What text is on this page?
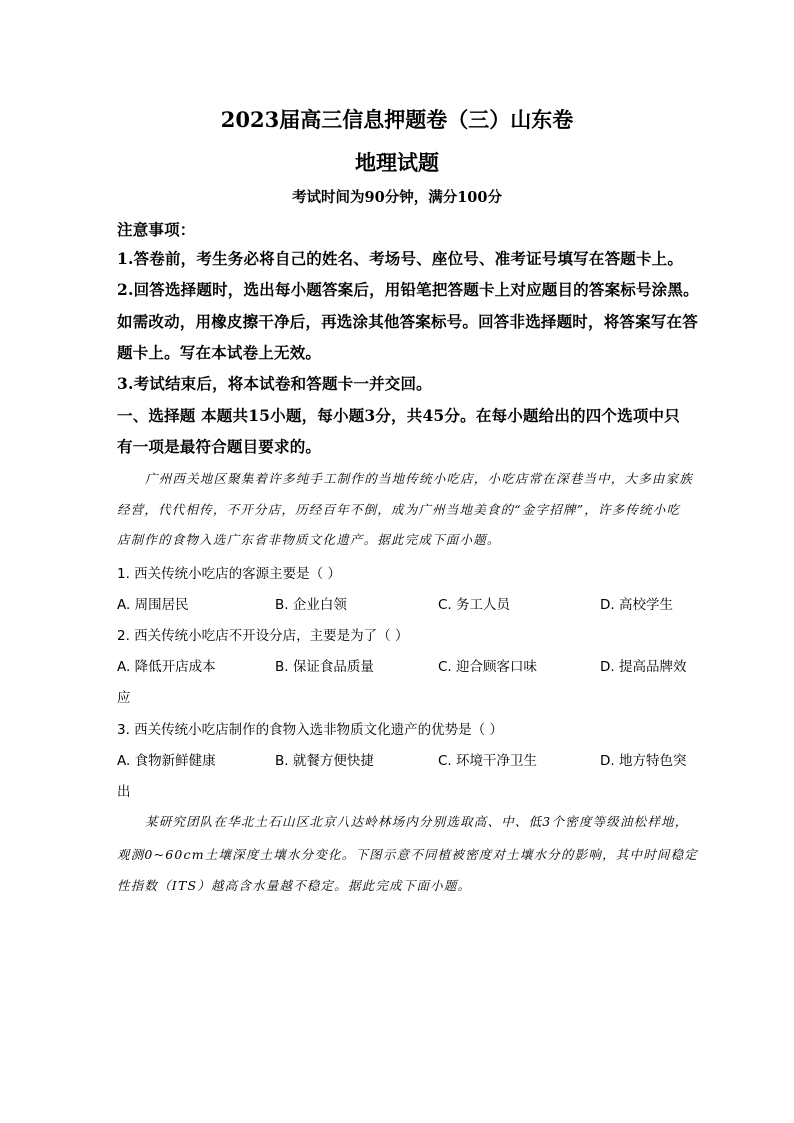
2023届高三信息押题卷（三）山东卷
地理试题
考试时间为90分钟，满分100分
注意事项：
1.答卷前，考生务必将自己的姓名、考场号、座位号、准考证号填写在答题卡上。
2.回答选择题时，选出每小题答案后，用铅笔把答题卡上对应题目的答案标号涂黑。
如需改动，用橡皮擦干净后，再选涂其他答案标号。回答非选择题时，将答案写在答
题卡上。写在本试卷上无效。
3.考试结束后，将本试卷和答题卡一并交回。
一、选择题 本题共15小题，每小题3分，共45分。在每小题给出的四个选项中只
有一项是最符合题目要求的。
广州西关地区聚集着许多纯手工制作的当地传统小吃店，小吃店常在深巷当中，大多由家族
经营，代代相传，不开分店，历经百年不倒，成为广州当地美食的“金字招牌”，许多传统小吃
店制作的食物入选广东省非物质文化遗产。据此完成下面小题。
1. 西关传统小吃店的客源主要是（ ）
A. 周围居民	B. 企业白领	C. 务工人员	D. 高校学生
2. 西关传统小吃店不开设分店，主要是为了（ ）
A. 降低开店成本	B. 保证食品质量	C. 迎合顾客口味	D. 提高品牌效
应
3. 西关传统小吃店制作的食物入选非物质文化遗产的优势是（ ）
A. 食物新鲜健康	B. 就餐方便快捷	C. 环境干净卫生	D. 地方特色突
出
某研究团队在华北土石山区北京八达岭林场内分别选取高、中、低3个密度等级油松样地，
观测0~60cm土壤深度土壤水分变化。下图示意不同植被密度对土壤水分的影响，其中时间稳定
性指数（ITS）越高含水量越不稳定。据此完成下面小题。
